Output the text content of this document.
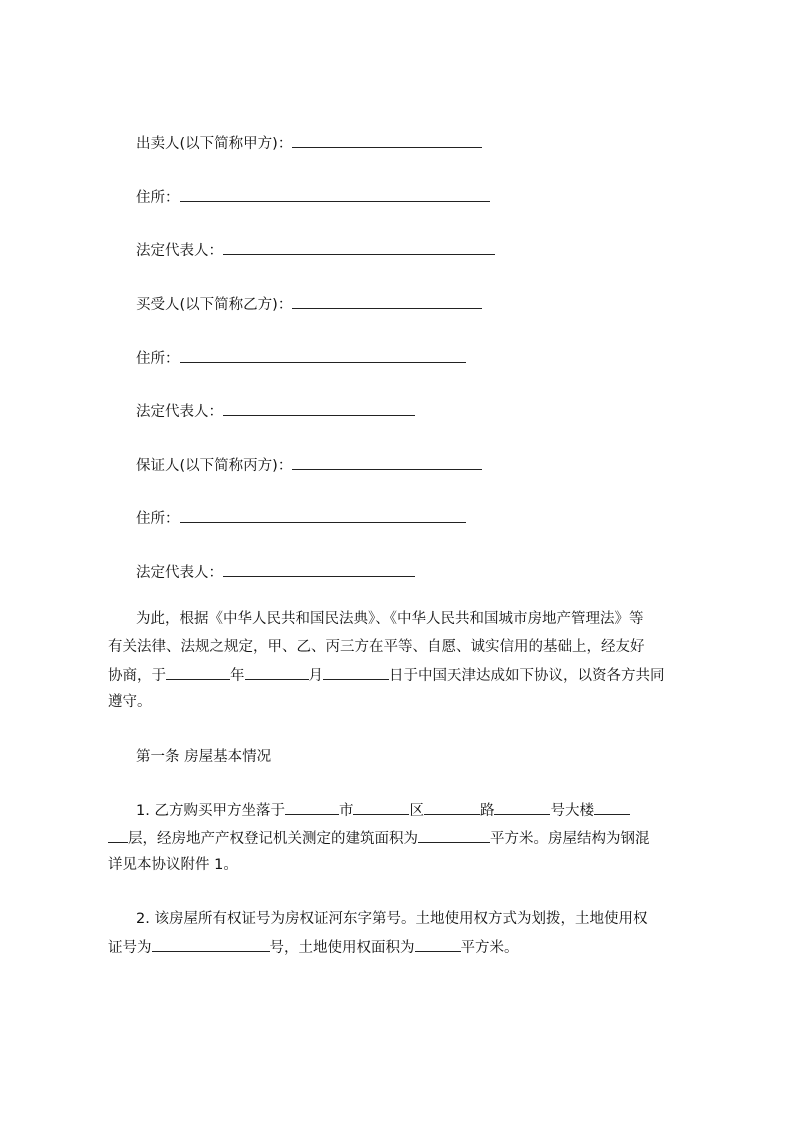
出卖人(以下简称甲方)：
住所：
法定代表人：
买受人(以下简称乙方)：
住所：
法定代表人：
保证人(以下简称丙方)：
住所：
法定代表人：
为此，根据《中华人民共和国民法典》、《中华人民共和国城市房地产管理法》等
有关法律、法规之规定，甲、乙、丙三方在平等、自愿、诚实信用的基础上，经友好
协商，于	年	月	日于中国天津达成如下协议，以资各方共同
遵守。
第一条 房屋基本情况
1. 乙方购买甲方坐落于	市	区	路	号大楼
层，经房地产产权登记机关测定的建筑面积为	平方米。房屋结构为钢混
详见本协议附件 1。
2. 该房屋所有权证号为房权证河东字第号。土地使用权方式为划拨，土地使用权
证号为	号，土地使用权面积为	平方米。
